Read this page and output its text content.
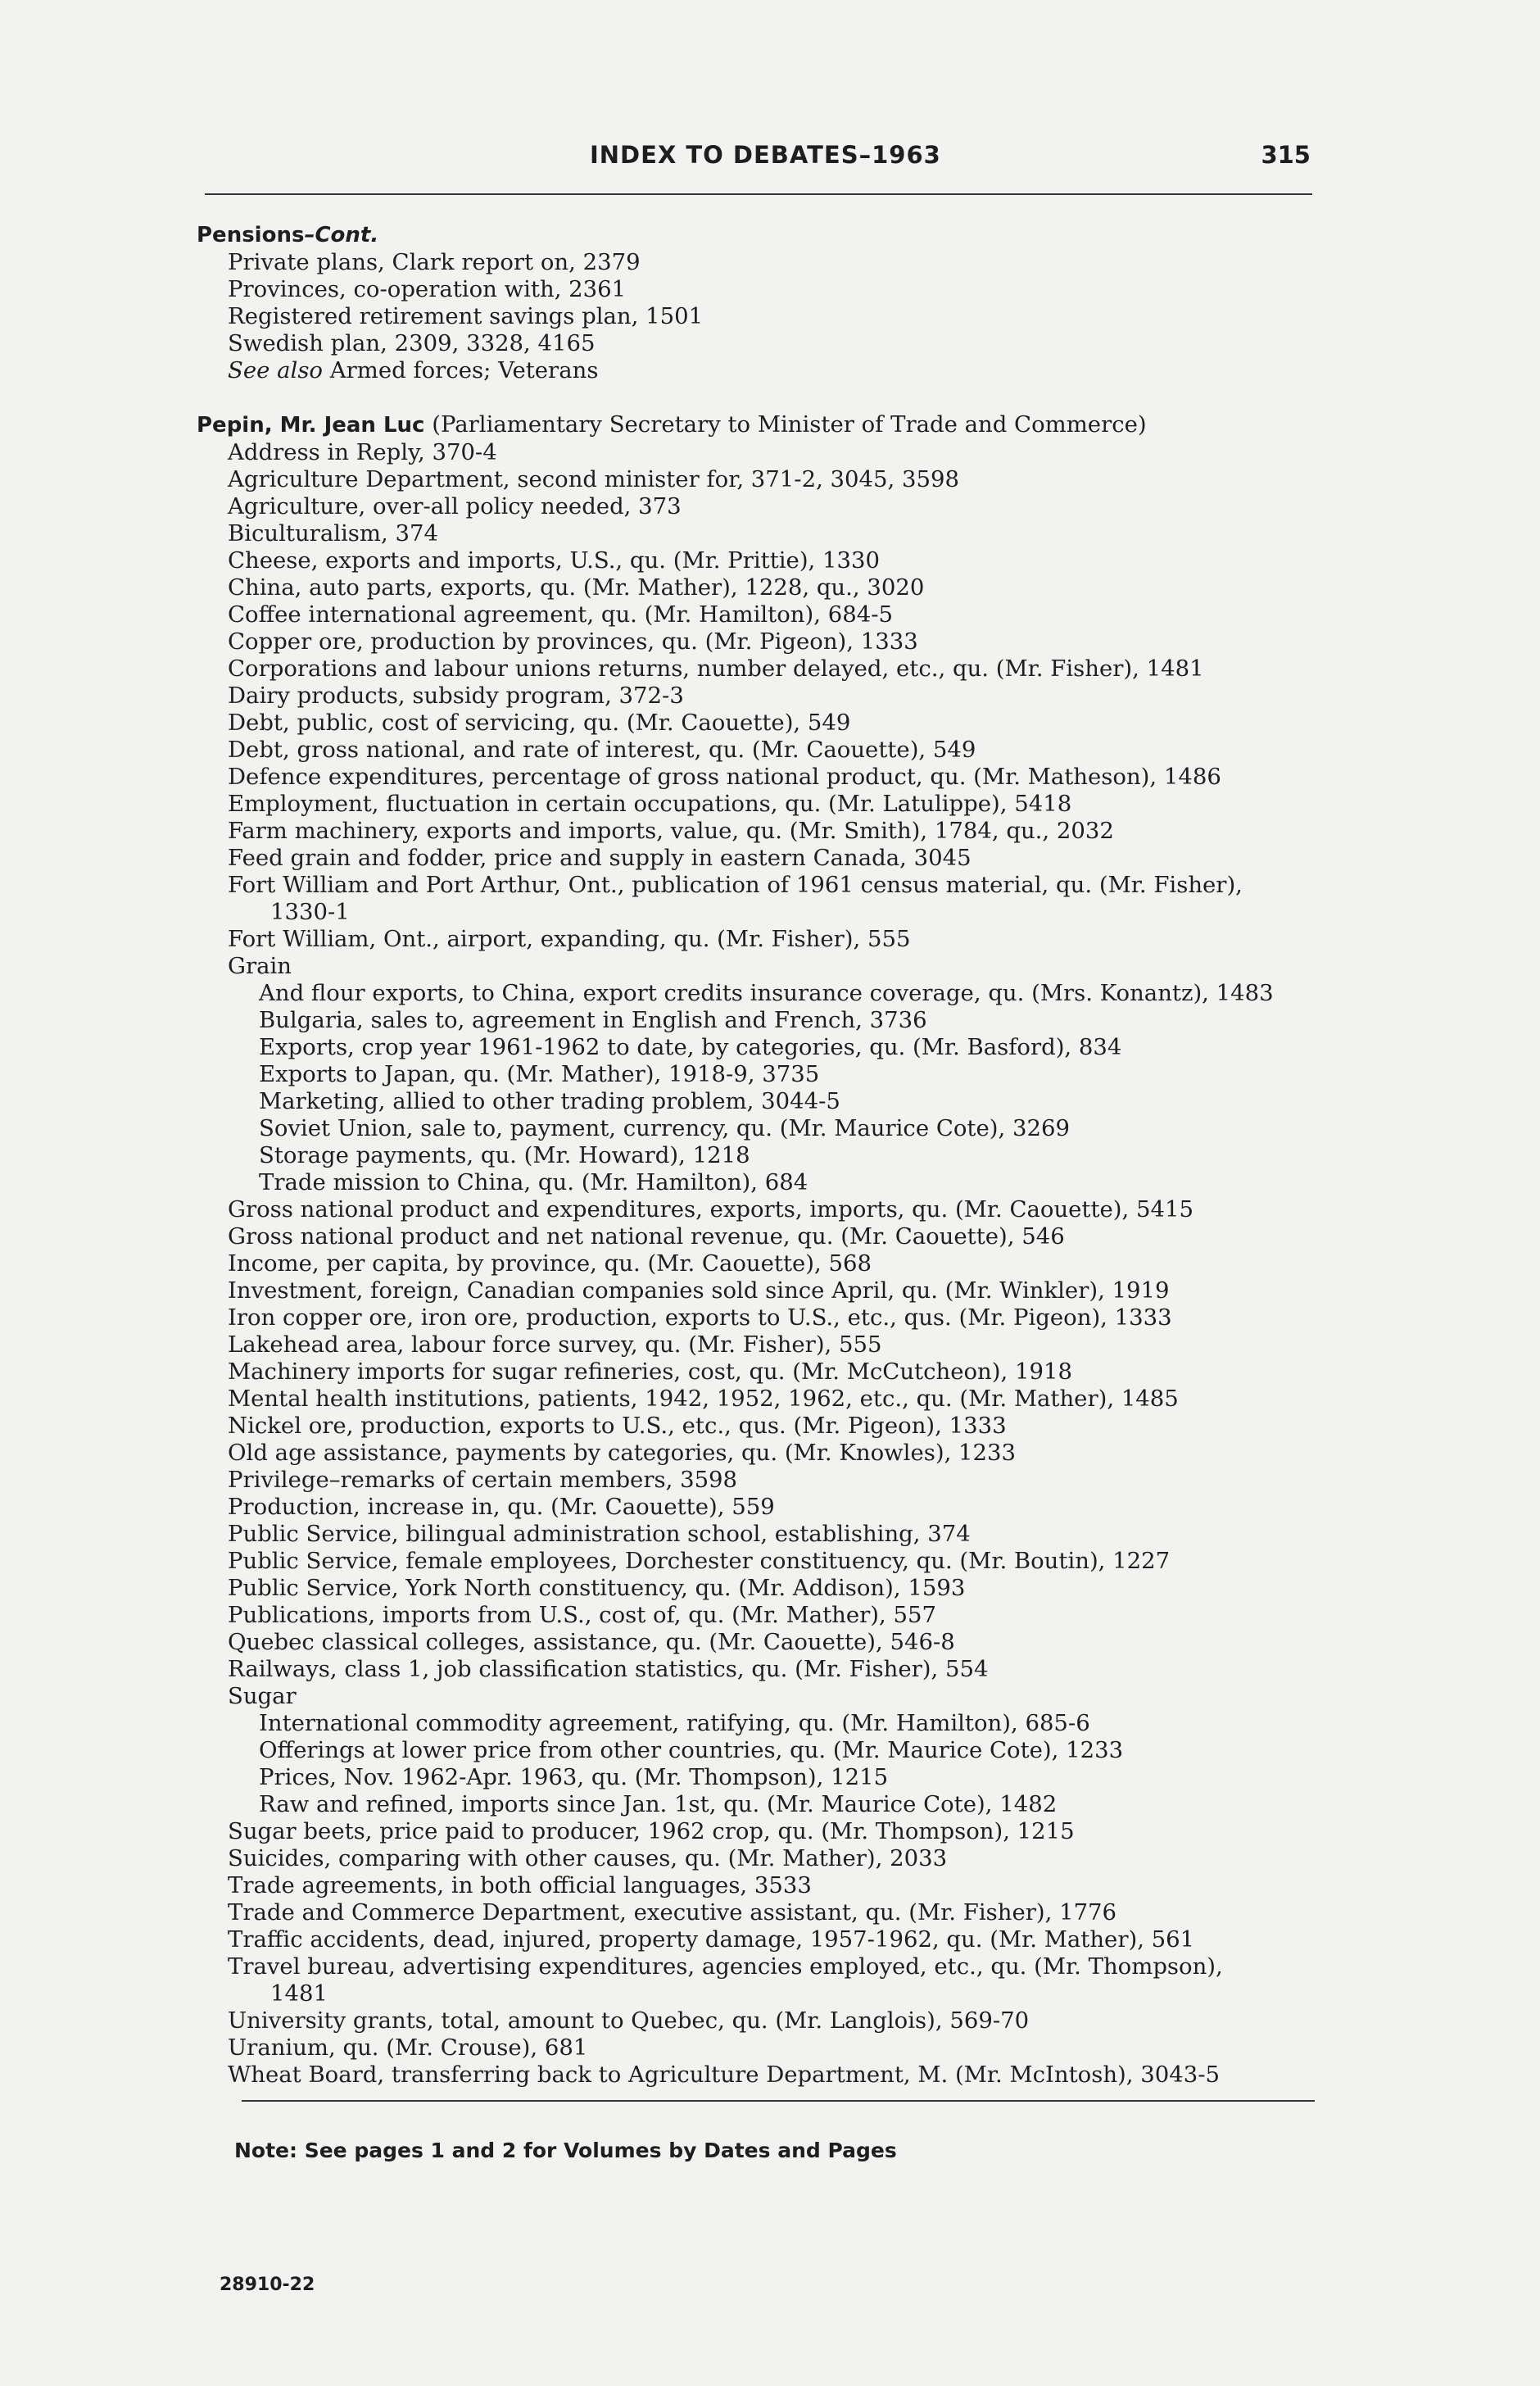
INDEX TO DEBATES–1963	315
Pensions–Cont.
Private plans, Clark report on, 2379
Provinces, co-operation with, 2361
Registered retirement savings plan, 1501
Swedish plan, 2309, 3328, 4165
See also Armed forces; Veterans
Pepin, Mr. Jean Luc (Parliamentary Secretary to Minister of Trade and Commerce)
Address in Reply, 370-4
Agriculture Department, second minister for, 371-2, 3045, 3598
Agriculture, over-all policy needed, 373
Biculturalism, 374
Cheese, exports and imports, U.S., qu. (Mr. Prittie), 1330
China, auto parts, exports, qu. (Mr. Mather), 1228, qu., 3020
Coffee international agreement, qu. (Mr. Hamilton), 684-5
Copper ore, production by provinces, qu. (Mr. Pigeon), 1333
Corporations and labour unions returns, number delayed, etc., qu. (Mr. Fisher), 1481
Dairy products, subsidy program, 372-3
Debt, public, cost of servicing, qu. (Mr. Caouette), 549
Debt, gross national, and rate of interest, qu. (Mr. Caouette), 549
Defence expenditures, percentage of gross national product, qu. (Mr. Matheson), 1486
Employment, fluctuation in certain occupations, qu. (Mr. Latulippe), 5418
Farm machinery, exports and imports, value, qu. (Mr. Smith), 1784, qu., 2032
Feed grain and fodder, price and supply in eastern Canada, 3045
Fort William and Port Arthur, Ont., publication of 1961 census material, qu. (Mr. Fisher),
1330-1
Fort William, Ont., airport, expanding, qu. (Mr. Fisher), 555
Grain
And flour exports, to China, export credits insurance coverage, qu. (Mrs. Konantz), 1483
Bulgaria, sales to, agreement in English and French, 3736
Exports, crop year 1961-1962 to date, by categories, qu. (Mr. Basford), 834
Exports to Japan, qu. (Mr. Mather), 1918-9, 3735
Marketing, allied to other trading problem, 3044-5
Soviet Union, sale to, payment, currency, qu. (Mr. Maurice Cote), 3269
Storage payments, qu. (Mr. Howard), 1218
Trade mission to China, qu. (Mr. Hamilton), 684
Gross national product and expenditures, exports, imports, qu. (Mr. Caouette), 5415
Gross national product and net national revenue, qu. (Mr. Caouette), 546
Income, per capita, by province, qu. (Mr. Caouette), 568
Investment, foreign, Canadian companies sold since April, qu. (Mr. Winkler), 1919
Iron copper ore, iron ore, production, exports to U.S., etc., qus. (Mr. Pigeon), 1333
Lakehead area, labour force survey, qu. (Mr. Fisher), 555
Machinery imports for sugar refineries, cost, qu. (Mr. McCutcheon), 1918
Mental health institutions, patients, 1942, 1952, 1962, etc., qu. (Mr. Mather), 1485
Nickel ore, production, exports to U.S., etc., qus. (Mr. Pigeon), 1333
Old age assistance, payments by categories, qu. (Mr. Knowles), 1233
Privilege–remarks of certain members, 3598
Production, increase in, qu. (Mr. Caouette), 559
Public Service, bilingual administration school, establishing, 374
Public Service, female employees, Dorchester constituency, qu. (Mr. Boutin), 1227
Public Service, York North constituency, qu. (Mr. Addison), 1593
Publications, imports from U.S., cost of, qu. (Mr. Mather), 557
Quebec classical colleges, assistance, qu. (Mr. Caouette), 546-8
Railways, class 1, job classification statistics, qu. (Mr. Fisher), 554
Sugar
International commodity agreement, ratifying, qu. (Mr. Hamilton), 685-6
Offerings at lower price from other countries, qu. (Mr. Maurice Cote), 1233
Prices, Nov. 1962-Apr. 1963, qu. (Mr. Thompson), 1215
Raw and refined, imports since Jan. 1st, qu. (Mr. Maurice Cote), 1482
Sugar beets, price paid to producer, 1962 crop, qu. (Mr. Thompson), 1215
Suicides, comparing with other causes, qu. (Mr. Mather), 2033
Trade agreements, in both official languages, 3533
Trade and Commerce Department, executive assistant, qu. (Mr. Fisher), 1776
Traffic accidents, dead, injured, property damage, 1957-1962, qu. (Mr. Mather), 561
Travel bureau, advertising expenditures, agencies employed, etc., qu. (Mr. Thompson),
1481
University grants, total, amount to Quebec, qu. (Mr. Langlois), 569-70
Uranium, qu. (Mr. Crouse), 681
Wheat Board, transferring back to Agriculture Department, M. (Mr. McIntosh), 3043-5
Note: See pages 1 and 2 for Volumes by Dates and Pages
28910-22
